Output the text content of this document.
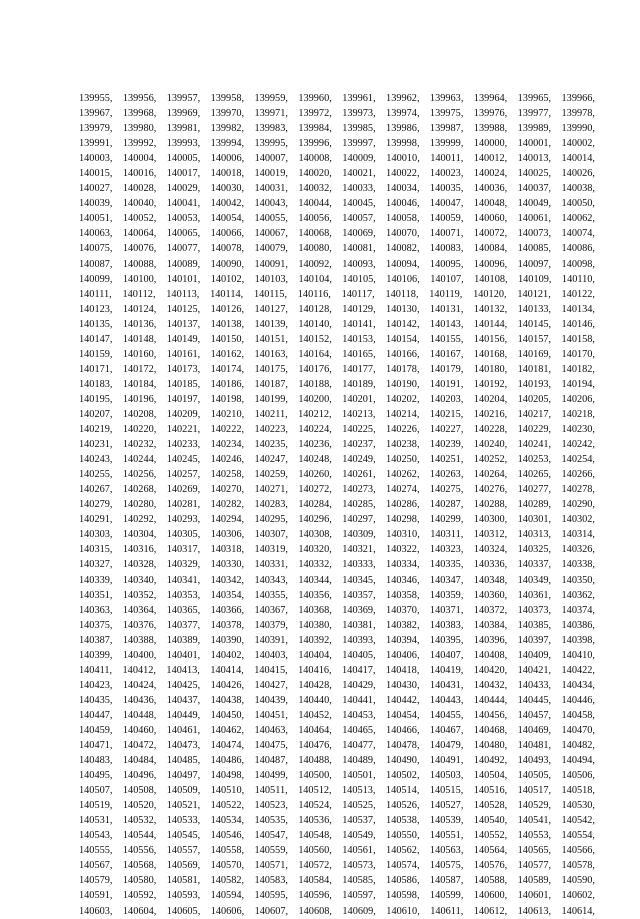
139955, 139956, 139957, 139958, 139959, 139960, 139961, 139962, 139963, 139964, 139965, 139966,
139967, 139968, 139969, 139970, 139971, 139972, 139973, 139974, 139975, 139976, 139977, 139978,
139979, 139980, 139981, 139982, 139983, 139984, 139985, 139986, 139987, 139988, 139989, 139990,
139991, 139992, 139993, 139994, 139995, 139996, 139997, 139998, 139999, 140000, 140001, 140002,
140003, 140004, 140005, 140006, 140007, 140008, 140009, 140010, 140011, 140012, 140013, 140014,
140015, 140016, 140017, 140018, 140019, 140020, 140021, 140022, 140023, 140024, 140025, 140026,
140027, 140028, 140029, 140030, 140031, 140032, 140033, 140034, 140035, 140036, 140037, 140038,
140039, 140040, 140041, 140042, 140043, 140044, 140045, 140046, 140047, 140048, 140049, 140050,
140051, 140052, 140053, 140054, 140055, 140056, 140057, 140058, 140059, 140060, 140061, 140062,
140063, 140064, 140065, 140066, 140067, 140068, 140069, 140070, 140071, 140072, 140073, 140074,
140075, 140076, 140077, 140078, 140079, 140080, 140081, 140082, 140083, 140084, 140085, 140086,
140087, 140088, 140089, 140090, 140091, 140092, 140093, 140094, 140095, 140096, 140097, 140098,
140099, 140100, 140101, 140102, 140103, 140104, 140105, 140106, 140107, 140108, 140109, 140110,
140111, 140112, 140113, 140114, 140115, 140116, 140117, 140118, 140119, 140120, 140121, 140122,
140123, 140124, 140125, 140126, 140127, 140128, 140129, 140130, 140131, 140132, 140133, 140134,
140135, 140136, 140137, 140138, 140139, 140140, 140141, 140142, 140143, 140144, 140145, 140146,
140147, 140148, 140149, 140150, 140151, 140152, 140153, 140154, 140155, 140156, 140157, 140158,
140159, 140160, 140161, 140162, 140163, 140164, 140165, 140166, 140167, 140168, 140169, 140170,
140171, 140172, 140173, 140174, 140175, 140176, 140177, 140178, 140179, 140180, 140181, 140182,
140183, 140184, 140185, 140186, 140187, 140188, 140189, 140190, 140191, 140192, 140193, 140194,
140195, 140196, 140197, 140198, 140199, 140200, 140201, 140202, 140203, 140204, 140205, 140206,
140207, 140208, 140209, 140210, 140211, 140212, 140213, 140214, 140215, 140216, 140217, 140218,
140219, 140220, 140221, 140222, 140223, 140224, 140225, 140226, 140227, 140228, 140229, 140230,
140231, 140232, 140233, 140234, 140235, 140236, 140237, 140238, 140239, 140240, 140241, 140242,
140243, 140244, 140245, 140246, 140247, 140248, 140249, 140250, 140251, 140252, 140253, 140254,
140255, 140256, 140257, 140258, 140259, 140260, 140261, 140262, 140263, 140264, 140265, 140266,
140267, 140268, 140269, 140270, 140271, 140272, 140273, 140274, 140275, 140276, 140277, 140278,
140279, 140280, 140281, 140282, 140283, 140284, 140285, 140286, 140287, 140288, 140289, 140290,
140291, 140292, 140293, 140294, 140295, 140296, 140297, 140298, 140299, 140300, 140301, 140302,
140303, 140304, 140305, 140306, 140307, 140308, 140309, 140310, 140311, 140312, 140313, 140314,
140315, 140316, 140317, 140318, 140319, 140320, 140321, 140322, 140323, 140324, 140325, 140326,
140327, 140328, 140329, 140330, 140331, 140332, 140333, 140334, 140335, 140336, 140337, 140338,
140339, 140340, 140341, 140342, 140343, 140344, 140345, 140346, 140347, 140348, 140349, 140350,
140351, 140352, 140353, 140354, 140355, 140356, 140357, 140358, 140359, 140360, 140361, 140362,
140363, 140364, 140365, 140366, 140367, 140368, 140369, 140370, 140371, 140372, 140373, 140374,
140375, 140376, 140377, 140378, 140379, 140380, 140381, 140382, 140383, 140384, 140385, 140386,
140387, 140388, 140389, 140390, 140391, 140392, 140393, 140394, 140395, 140396, 140397, 140398,
140399, 140400, 140401, 140402, 140403, 140404, 140405, 140406, 140407, 140408, 140409, 140410,
140411, 140412, 140413, 140414, 140415, 140416, 140417, 140418, 140419, 140420, 140421, 140422,
140423, 140424, 140425, 140426, 140427, 140428, 140429, 140430, 140431, 140432, 140433, 140434,
140435, 140436, 140437, 140438, 140439, 140440, 140441, 140442, 140443, 140444, 140445, 140446,
140447, 140448, 140449, 140450, 140451, 140452, 140453, 140454, 140455, 140456, 140457, 140458,
140459, 140460, 140461, 140462, 140463, 140464, 140465, 140466, 140467, 140468, 140469, 140470,
140471, 140472, 140473, 140474, 140475, 140476, 140477, 140478, 140479, 140480, 140481, 140482,
140483, 140484, 140485, 140486, 140487, 140488, 140489, 140490, 140491, 140492, 140493, 140494,
140495, 140496, 140497, 140498, 140499, 140500, 140501, 140502, 140503, 140504, 140505, 140506,
140507, 140508, 140509, 140510, 140511, 140512, 140513, 140514, 140515, 140516, 140517, 140518,
140519, 140520, 140521, 140522, 140523, 140524, 140525, 140526, 140527, 140528, 140529, 140530,
140531, 140532, 140533, 140534, 140535, 140536, 140537, 140538, 140539, 140540, 140541, 140542,
140543, 140544, 140545, 140546, 140547, 140548, 140549, 140550, 140551, 140552, 140553, 140554,
140555, 140556, 140557, 140558, 140559, 140560, 140561, 140562, 140563, 140564, 140565, 140566,
140567, 140568, 140569, 140570, 140571, 140572, 140573, 140574, 140575, 140576, 140577, 140578,
140579, 140580, 140581, 140582, 140583, 140584, 140585, 140586, 140587, 140588, 140589, 140590,
140591, 140592, 140593, 140594, 140595, 140596, 140597, 140598, 140599, 140600, 140601, 140602,
140603, 140604, 140605, 140606, 140607, 140608, 140609, 140610, 140611, 140612, 140613, 140614,
